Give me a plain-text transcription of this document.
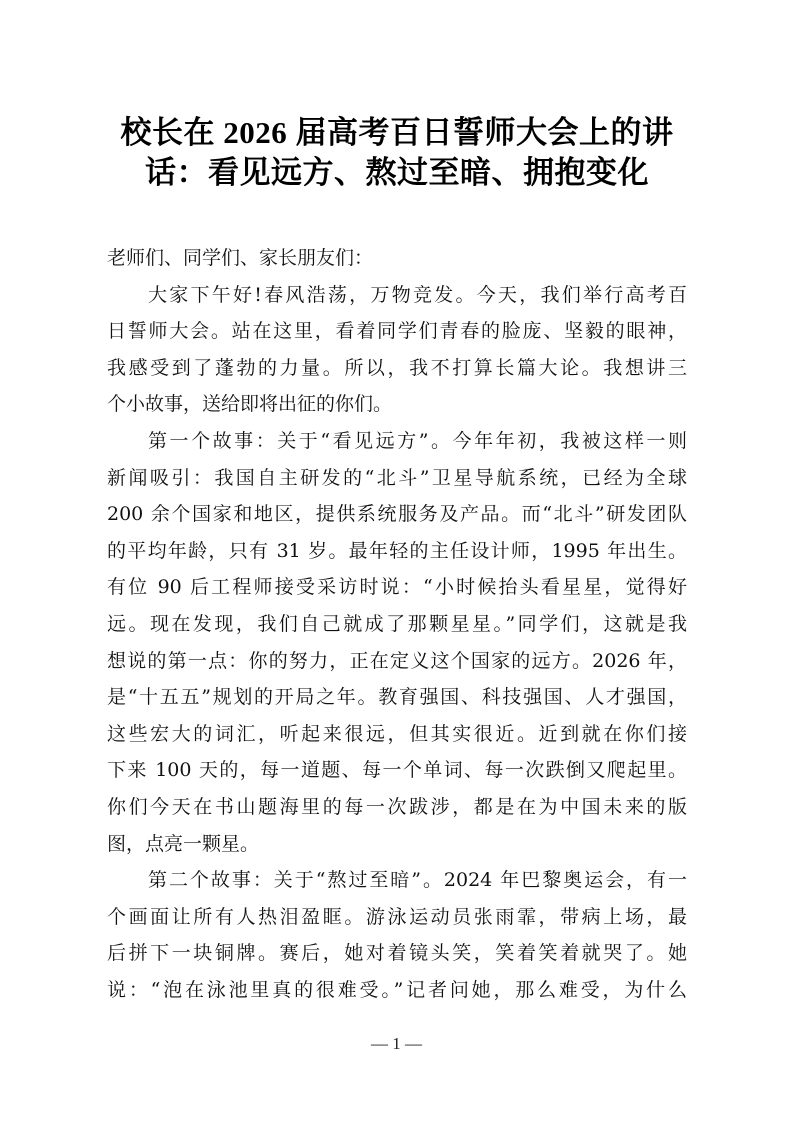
校长在 2026 届高考百日誓师大会上的讲
话：看见远方、熬过至暗、拥抱变化
老师们、同学们、家长朋友们：
大家下午好!春风浩荡，万物竞发。今天，我们举行高考百
日誓师大会。站在这里，看着同学们青春的脸庞、坚毅的眼神，
我感受到了蓬勃的力量。所以，我不打算长篇大论。我想讲三
个小故事，送给即将出征的你们。
第一个故事：关于“看见远方”。今年年初，我被这样一则
新闻吸引：我国自主研发的“北斗”卫星导航系统，已经为全球
200 余个国家和地区，提供系统服务及产品。而“北斗”研发团队
的平均年龄，只有 31 岁。最年轻的主任设计师，1995 年出生。
有位 90 后工程师接受采访时说：“小时候抬头看星星，觉得好
远。现在发现，我们自己就成了那颗星星。”同学们，这就是我
想说的第一点：你的努力，正在定义这个国家的远方。2026 年，
是“十五五”规划的开局之年。教育强国、科技强国、人才强国，
这些宏大的词汇，听起来很远，但其实很近。近到就在你们接
下来 100 天的，每一道题、每一个单词、每一次跌倒又爬起里。
你们今天在书山题海里的每一次跋涉，都是在为中国未来的版
图，点亮一颗星。
第二个故事：关于“熬过至暗”。2024 年巴黎奥运会，有一
个画面让所有人热泪盈眶。游泳运动员张雨霏，带病上场，最
后拼下一块铜牌。赛后，她对着镜头笑，笑着笑着就哭了。她
说：“泡在泳池里真的很难受。”记者问她，那么难受，为什么
— 1 —
